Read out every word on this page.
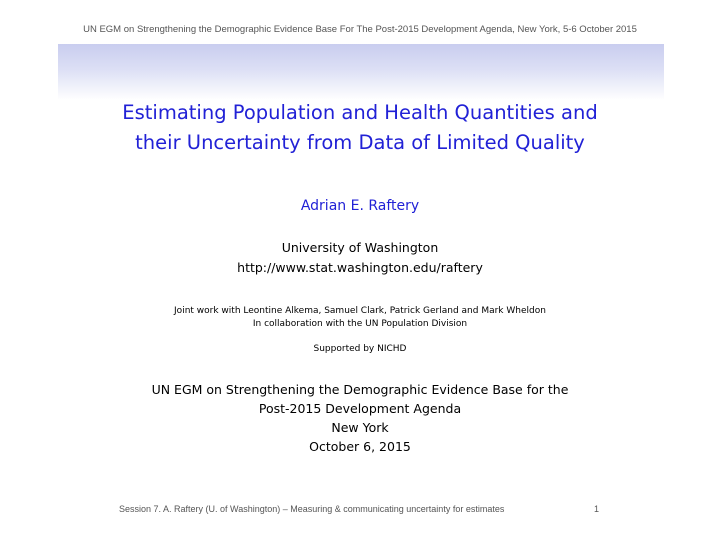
UN EGM on Strengthening the Demographic Evidence Base For The Post-2015 Development Agenda, New York, 5-6 October 2015
Estimating Population and Health Quantities and
their Uncertainty from Data of Limited Quality
Adrian E. Raftery
University of Washington
http://www.stat.washington.edu/raftery
Joint work with Leontine Alkema, Samuel Clark, Patrick Gerland and Mark Wheldon
In collaboration with the UN Population Division
Supported by NICHD
UN EGM on Strengthening the Demographic Evidence Base for the
Post-2015 Development Agenda
New York
October 6, 2015
Session 7. A. Raftery (U. of Washington) – Measuring & communicating uncertainty for estimates	1
